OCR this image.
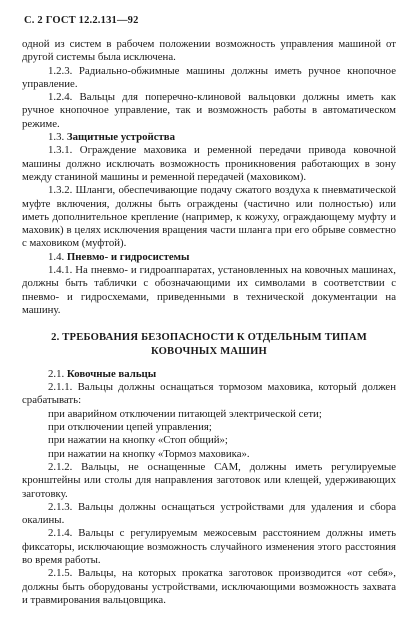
С. 2 ГОСТ 12.2.131—92

одной из систем в рабочем положении возможность управления машиной от другой системы была исключена.

1.2.3. Радиально-обжимные машины должны иметь ручное кнопочное управление.

1.2.4. Вальцы для поперечно-клиновой вальцовки должны иметь как ручное кнопочное управление, так и возможность работы в автоматическом режиме.

1.3. Защитные устройства

1.3.1. Ограждение маховика и ременной передачи привода ковочной машины должно исключать возможность проникновения работающих в зону между станиной машины и ременной передачей (маховиком).

1.3.2. Шланги, обеспечивающие подачу сжатого воздуха к пневматической муфте включения, должны быть ограждены (частично или полностью) или иметь дополнительное крепление (например, к кожуху, ограждающему муфту и маховик) в целях исключения вращения части шланга при его обрыве совместно с маховиком (муфтой).

1.4. Пневмо- и гидросистемы

1.4.1. На пневмо- и гидроаппаратах, установленных на ковочных машинах, должны быть таблички с обозначающими их символами в соответствии с пневмо- и гидросхемами, приведенными в технической документации на машину.

2. ТРЕБОВАНИЯ БЕЗОПАСНОСТИ К ОТДЕЛЬНЫМ ТИПАМ КОВОЧНЫХ МАШИН

2.1. Ковочные вальцы

2.1.1. Вальцы должны оснащаться тормозом маховика, который должен срабатывать:

при аварийном отключении питающей электрической сети;

при отключении цепей управления;

при нажатии на кнопку «Стоп общий»;

при нажатии на кнопку «Тормоз маховика».

2.1.2. Вальцы, не оснащенные САМ, должны иметь регулируемые кронштейны или столы для направления заготовок или клещей, удерживающих заготовку.

2.1.3. Вальцы должны оснащаться устройствами для удаления и сбора окалины.

2.1.4. Вальцы с регулируемым межосевым расстоянием должны иметь фиксаторы, исключающие возможность случайного изменения этого расстояния во время работы.

2.1.5. Вальцы, на которых прокатка заготовок производится «от себя», должны быть оборудованы устройствами, исключающими возможность захвата и травмирования вальцовщика.
